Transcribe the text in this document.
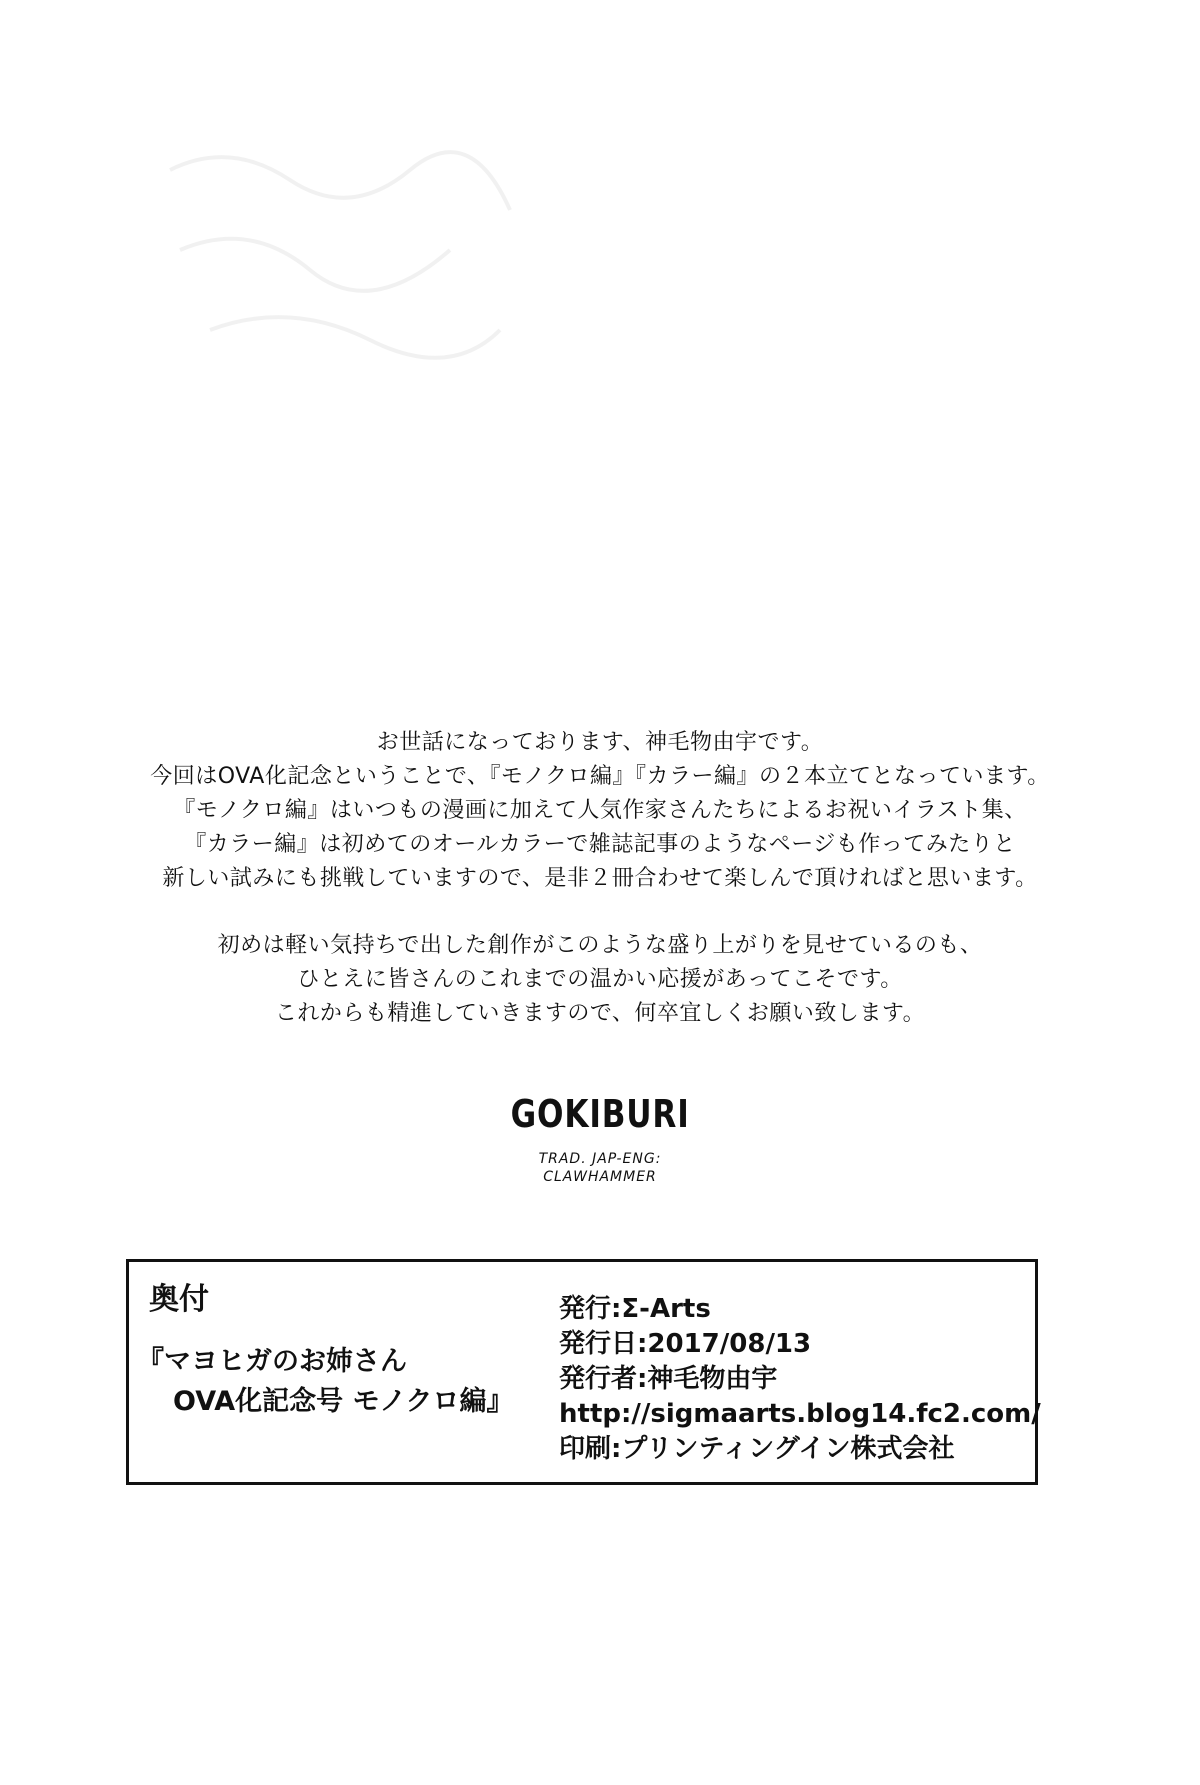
お世話になっております、神毛物由宇です。

今回はOVA化記念ということで、『モノクロ編』『カラー編』の２本立てとなっています。

『モノクロ編』はいつもの漫画に加えて人気作家さんたちによるお祝いイラスト集、

『カラー編』は初めてのオールカラーで雑誌記事のようなページも作ってみたりと

新しい試みにも挑戦していますので、是非２冊合わせて楽しんで頂ければと思います。

初めは軽い気持ちで出した創作がこのような盛り上がりを見せているのも、

ひとえに皆さんのこれまでの温かい応援があってこそです。

これからも精進していきますので、何卒宜しくお願い致します。

GOKIBURI
TRAD. JAP-ENG:
CLAWHAMMER
奥付
『マヨヒガのお姉さん
OVA化記念号 モノクロ編』
発行:Σ-Arts
発行日:2017/08/13
発行者:神毛物由宇
http://sigmaarts.blog14.fc2.com/
印刷:プリンティングイン株式会社
